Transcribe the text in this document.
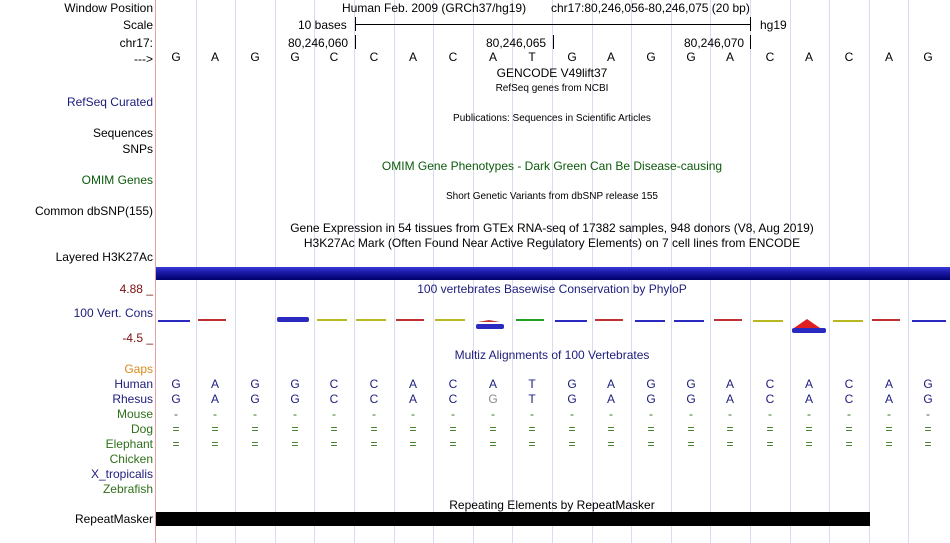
Window Position
Scale
chr17:
--->
Human Feb. 2009 (GRCh37/hg19) chr17:80,246,056-80,246,075 (20 bp)
10 bases	hg19
80,246,060	80,246,065	80,246,070
G	A	G	G	C	C	A	C	A	T	G	A	G	G	A	C	A	C	A	G
GENCODE V49lift37
RefSeq genes from NCBI
RefSeq Curated
Publications: Sequences in Scientific Articles
Sequences
SNPs
OMIM Gene Phenotypes - Dark Green Can Be Disease-causing
OMIM Genes
Short Genetic Variants from dbSNP release 155
Common dbSNP(155)
Gene Expression in 54 tissues from GTEx RNA-seq of 17382 samples, 948 donors (V8, Aug 2019)
H3K27Ac Mark (Often Found Near Active Regulatory Elements) on 7 cell lines from ENCODE
Layered H3K27Ac
4.88 _	100 vertebrates Basewise Conservation by PhyloP
100 Vert. Cons
-4.5 _
Multiz Alignments of 100 Vertebrates
Gaps
Human	G	A	G	G	C	C	A	C	A	T	G	A	G	G	A	C	A	C	A	G
Rhesus	G	A	G	G	C	C	A	C	G	T	G	A	G	G	A	C	A	C	A	G
Mouse	-	-	-	-	-	-	-	-	-	-	-	-	-	-	-	-	-	-	-	-
Dog	=	=	=	=	=	=	=	=	=	=	=	=	=	=	=	=	=	=	=	=
Elephant	=	=	=	=	=	=	=	=	=	=	=	=	=	=	=	=	=	=	=	=
Chicken
X_tropicalis
Zebrafish
Repeating Elements by RepeatMasker
RepeatMasker
